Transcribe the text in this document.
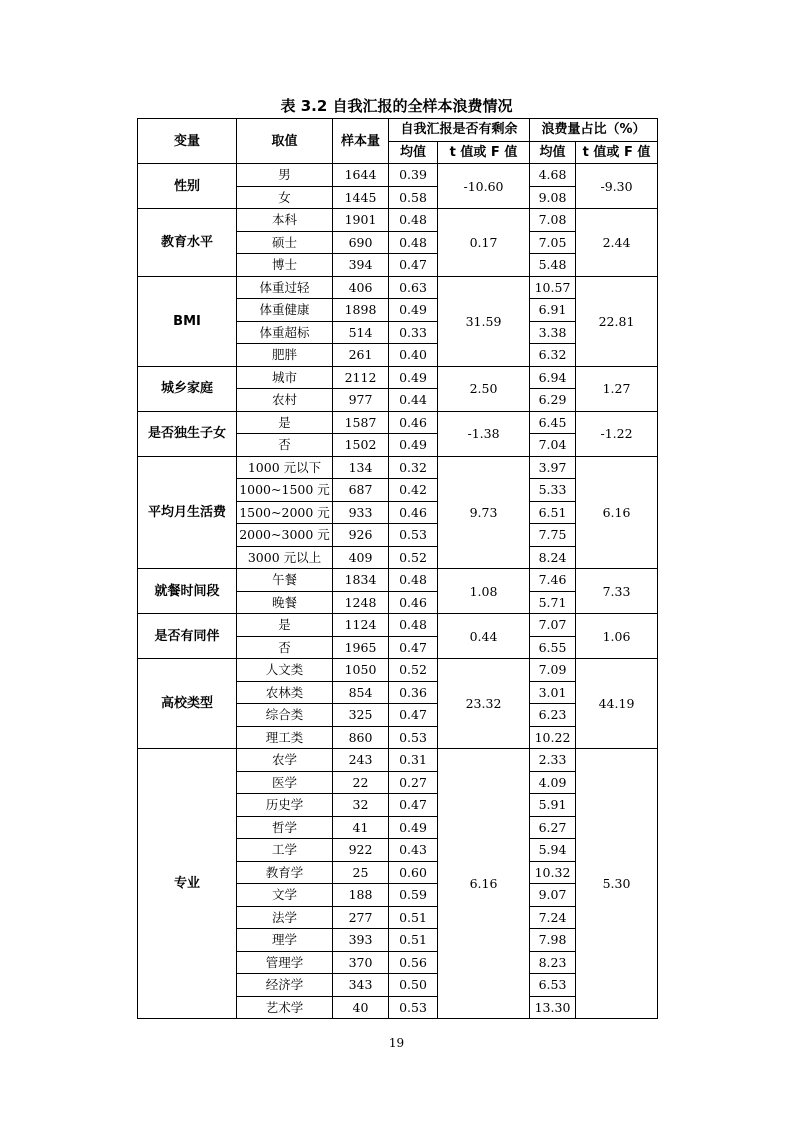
表 3.2 自我汇报的全样本浪费情况
变量	取值	样本量	自我汇报是否有剩余		浪费量占比（%）	
			均值	t 值或 F 值	均值	t 值或 F 值
性别	男	1644	0.39	-10.60	4.68	-9.30
	女	1445	0.58		9.08	
教育水平	本科	1901	0.48	0.17	7.08	2.44
	硕士	690	0.48		7.05	
	博士	394	0.47		5.48	
BMI	体重过轻	406	0.63	31.59	10.57	22.81
	体重健康	1898	0.49		6.91	
	体重超标	514	0.33		3.38	
	肥胖	261	0.40		6.32	
城乡家庭	城市	2112	0.49	2.50	6.94	1.27
	农村	977	0.44		6.29	
是否独生子女	是	1587	0.46	-1.38	6.45	-1.22
	否	1502	0.49		7.04	
平均月生活费	1000 元以下	134	0.32	9.73	3.97	6.16
	1000~1500 元	687	0.42		5.33	
	1500~2000 元	933	0.46		6.51	
	2000~3000 元	926	0.53		7.75	
	3000 元以上	409	0.52		8.24	
就餐时间段	午餐	1834	0.48	1.08	7.46	7.33
	晚餐	1248	0.46		5.71	
是否有同伴	是	1124	0.48	0.44	7.07	1.06
	否	1965	0.47		6.55	
高校类型	人文类	1050	0.52	23.32	7.09	44.19
	农林类	854	0.36		3.01	
	综合类	325	0.47		6.23	
	理工类	860	0.53		10.22	
专业	农学	243	0.31	6.16	2.33	5.30
	医学	22	0.27		4.09	
	历史学	32	0.47		5.91	
	哲学	41	0.49		6.27	
	工学	922	0.43		5.94	
	教育学	25	0.60		10.32	
	文学	188	0.59		9.07	
	法学	277	0.51		7.24	
	理学	393	0.51		7.98	
	管理学	370	0.56		8.23	
	经济学	343	0.50		6.53	
	艺术学	40	0.53		13.30	
19
